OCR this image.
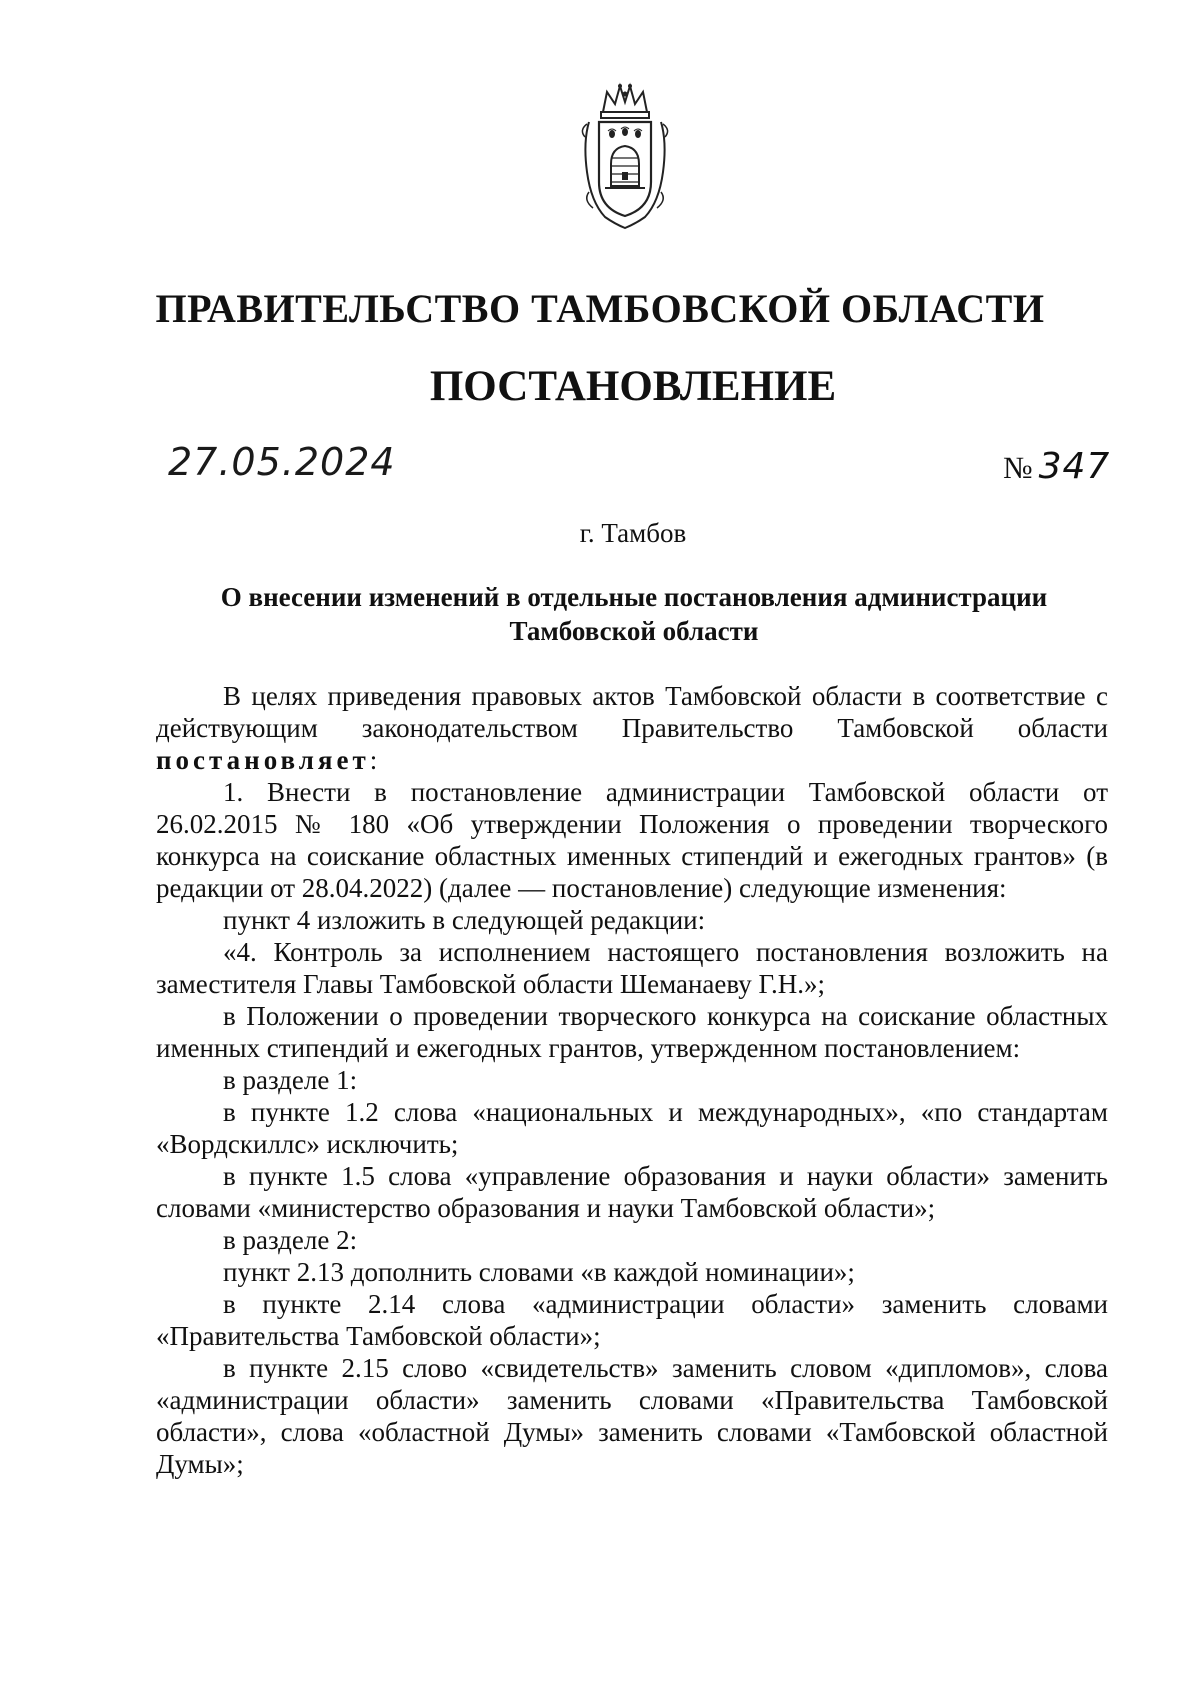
ПРАВИТЕЛЬСТВО ТАМБОВСКОЙ ОБЛАСТИ
ПОСТАНОВЛЕНИЕ
27.05.2024	№ 347
г. Тамбов
О внесении изменений в отдельные постановления администрации
Тамбовской области

В целях приведения правовых актов Тамбовской области в соответствие с действующим законодательством Правительство Тамбовской области постановляет:

1. Внести в постановление администрации Тамбовской области от 26.02.2015 № 180 «Об утверждении Положения о проведении творческого конкурса на соискание областных именных стипендий и ежегодных грантов» (в редакции от 28.04.2022) (далее — постановление) следующие изменения:

пункт 4 изложить в следующей редакции:

«4. Контроль за исполнением настоящего постановления возложить на заместителя Главы Тамбовской области Шеманаеву Г.Н.»;

в Положении о проведении творческого конкурса на соискание областных именных стипендий и ежегодных грантов, утвержденном постановлением:

в разделе 1:

в пункте 1.2 слова «национальных и международных», «по стандартам «Вордскиллс» исключить;

в пункте 1.5 слова «управление образования и науки области» заменить словами «министерство образования и науки Тамбовской области»;

в разделе 2:

пункт 2.13 дополнить словами «в каждой номинации»;

в пункте 2.14 слова «администрации области» заменить словами «Правительства Тамбовской области»;

в пункте 2.15 слово «свидетельств» заменить словом «дипломов», слова «администрации области» заменить словами «Правительства Тамбовской области», слова «областной Думы» заменить словами «Тамбовской областной Думы»;
